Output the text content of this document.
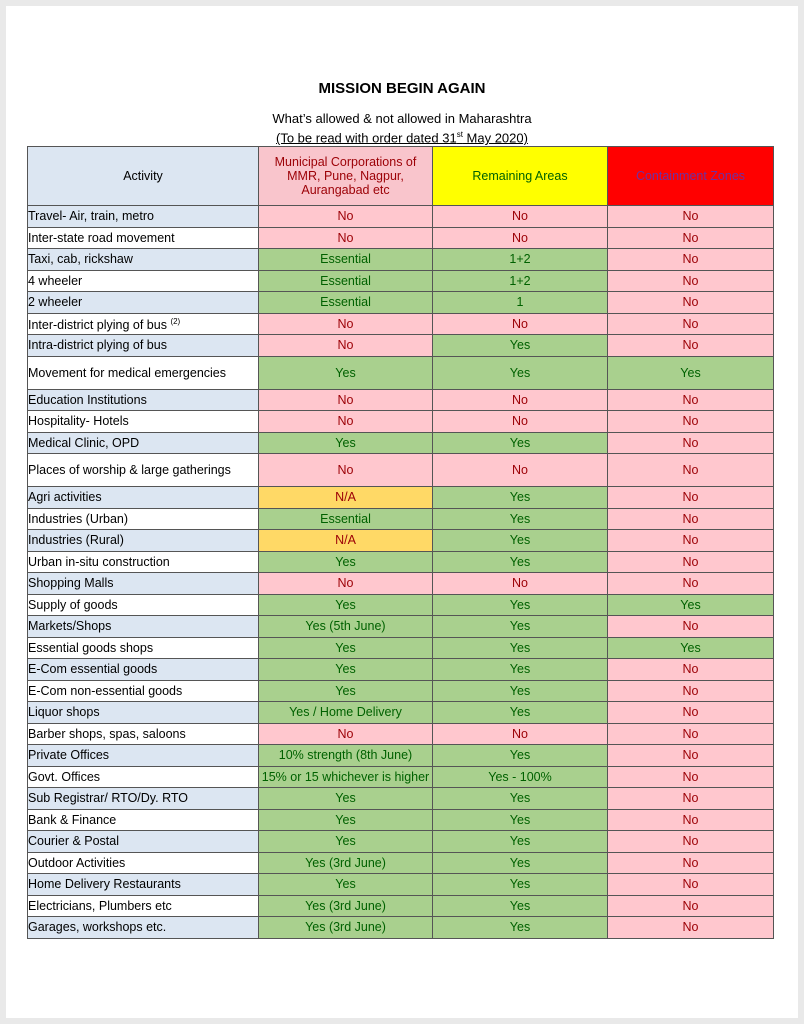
MISSION BEGIN AGAIN
What’s allowed & not allowed in Maharashtra
(To be read with order dated 31st May 2020)
Activity	Municipal Corporations of MMR, Pune, Nagpur, Aurangabad etc	Remaining Areas	Containment Zones
Travel- Air, train, metro	No	No	No
Inter-state road movement	No	No	No
Taxi, cab, rickshaw	Essential	1+2	No
4 wheeler	Essential	1+2	No
2 wheeler	Essential	1	No
Inter-district plying of bus $^{(2)}$	No	No	No
Intra-district plying of bus	No	Yes	No
Movement for medical emergencies	Yes	Yes	Yes
Education Institutions	No	No	No
Hospitality- Hotels	No	No	No
Medical Clinic, OPD	Yes	Yes	No
Places of worship & large gatherings	No	No	No
Agri activities	N/A	Yes	No
Industries (Urban)	Essential	Yes	No
Industries (Rural)	N/A	Yes	No
Urban in-situ construction	Yes	Yes	No
Shopping Malls	No	No	No
Supply of goods	Yes	Yes	Yes
Markets/Shops	Yes (5th June)	Yes	No
Essential goods shops	Yes	Yes	Yes
E-Com essential goods	Yes	Yes	No
E-Com non-essential goods	Yes	Yes	No
Liquor shops	Yes / Home Delivery	Yes	No
Barber shops, spas, saloons	No	No	No
Private Offices	10% strength (8th June)	Yes	No
Govt. Offices	15% or 15 whichever is higher	Yes - 100%	No
Sub Registrar/ RTO/Dy. RTO	Yes	Yes	No
Bank & Finance	Yes	Yes	No
Courier & Postal	Yes	Yes	No
Outdoor Activities	Yes (3rd June)	Yes	No
Home Delivery Restaurants	Yes	Yes	No
Electricians, Plumbers etc	Yes (3rd June)	Yes	No
Garages, workshops etc.	Yes (3rd June)	Yes	No
